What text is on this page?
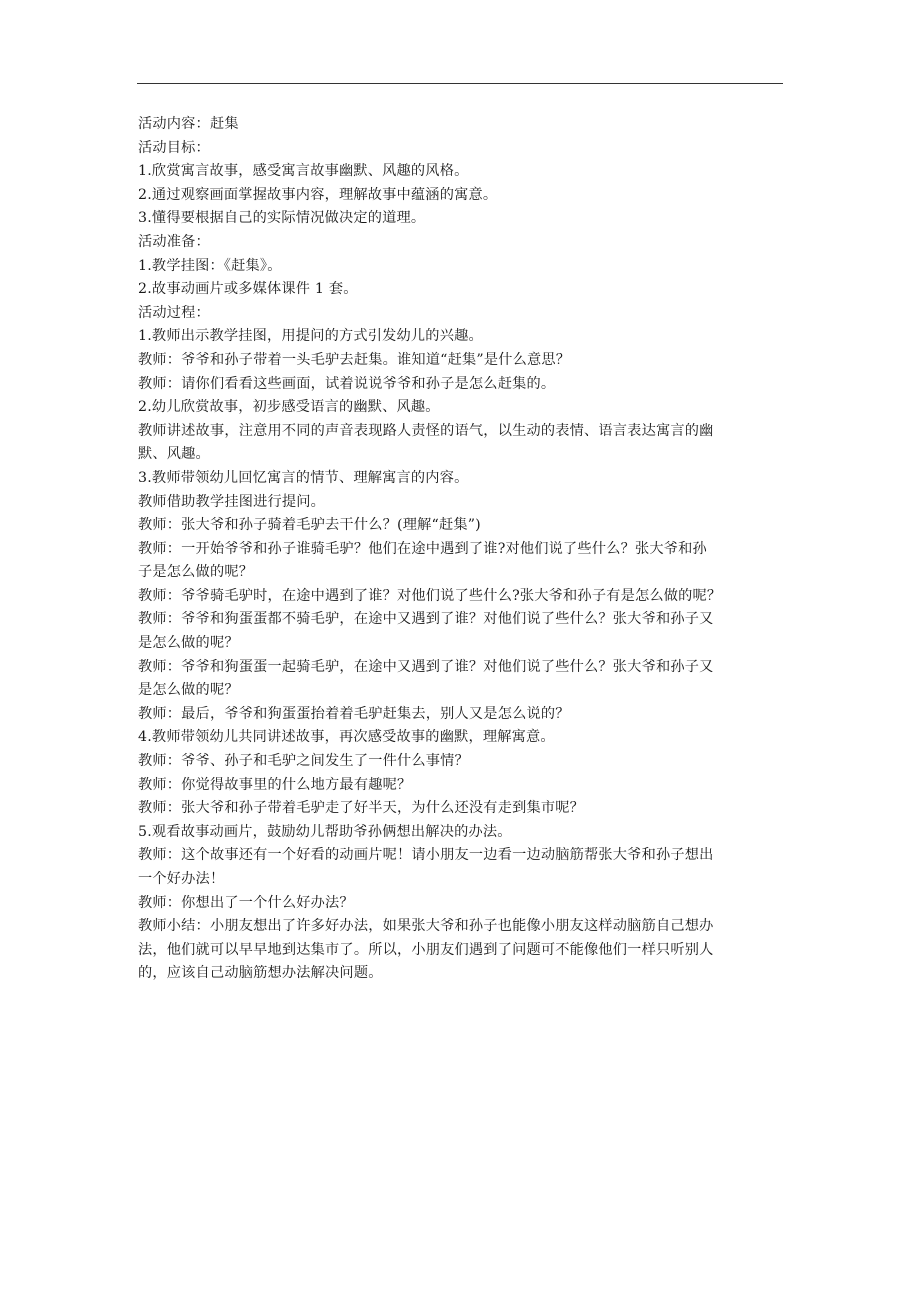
活动内容：赶集
活动目标：
1.欣赏寓言故事，感受寓言故事幽默、风趣的风格。
2.通过观察画面掌握故事内容，理解故事中蕴涵的寓意。
3.懂得要根据自己的实际情况做决定的道理。
活动准备：
1.教学挂图：《赶集》。
2.故事动画片或多媒体课件 1 套。
活动过程：
1.教师出示教学挂图，用提问的方式引发幼儿的兴趣。
教师：爷爷和孙子带着一头毛驴去赶集。谁知道“赶集”是什么意思？
教师：请你们看看这些画面，试着说说爷爷和孙子是怎么赶集的。
2.幼儿欣赏故事，初步感受语言的幽默、风趣。
教师讲述故事，注意用不同的声音表现路人责怪的语气，以生动的表情、语言表达寓言的幽
默、风趣。
3.教师带领幼儿回忆寓言的情节、理解寓言的内容。
教师借助教学挂图进行提问。
教师：张大爷和孙子骑着毛驴去干什么？(理解“赶集”)
教师：一开始爷爷和孙子谁骑毛驴？他们在途中遇到了谁?对他们说了些什么？张大爷和孙
子是怎么做的呢？
教师：爷爷骑毛驴时，在途中遇到了谁？对他们说了些什么?张大爷和孙子有是怎么做的呢？
教师：爷爷和狗蛋蛋都不骑毛驴，在途中又遇到了谁？对他们说了些什么？张大爷和孙子又
是怎么做的呢？
教师：爷爷和狗蛋蛋一起骑毛驴，在途中又遇到了谁？对他们说了些什么？张大爷和孙子又
是怎么做的呢？
教师：最后，爷爷和狗蛋蛋抬着着毛驴赶集去，别人又是怎么说的？
4.教师带领幼儿共同讲述故事，再次感受故事的幽默，理解寓意。
教师：爷爷、孙子和毛驴之间发生了一件什么事情？
教师：你觉得故事里的什么地方最有趣呢？
教师：张大爷和孙子带着毛驴走了好半天，为什么还没有走到集市呢？
5.观看故事动画片，鼓励幼儿帮助爷孙俩想出解决的办法。
教师：这个故事还有一个好看的动画片呢！请小朋友一边看一边动脑筋帮张大爷和孙子想出
一个好办法！
教师：你想出了一个什么好办法？
教师小结：小朋友想出了许多好办法，如果张大爷和孙子也能像小朋友这样动脑筋自己想办
法，他们就可以早早地到达集市了。所以，小朋友们遇到了问题可不能像他们一样只听别人
的，应该自己动脑筋想办法解决问题。
